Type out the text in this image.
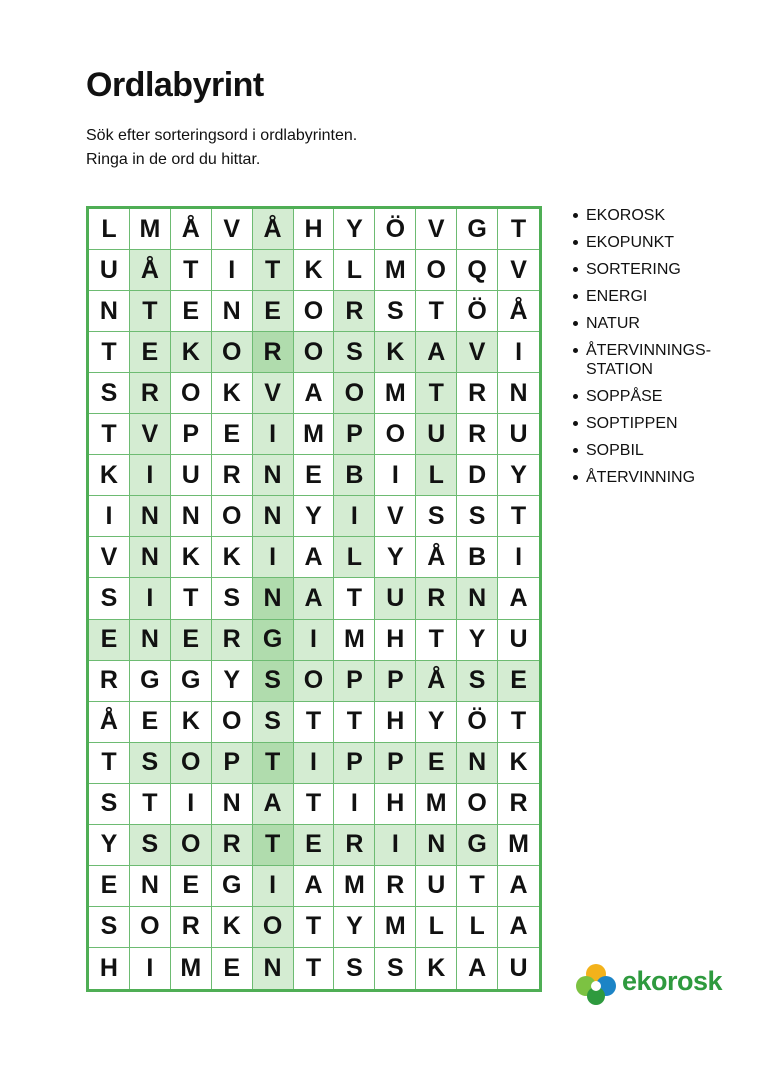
Ordlabyrint
Sök efter sorteringsord i ordlabyrinten.
Ringa in de ord du hittar.
L M Å V Å H Y Ö V G T
U Å T	I	T K L M O Q V
N T E N E O R S T Ö Å
T E K O R O S K A V	I
S R O K V A O M T R N
T V P E	I	M P O U R U
K	I	U R N E B	I	L D Y
I	N N O N Y	I	V S S	T
V N K K	I	A L Y Å B	I
S	I	T S N A T U R N A
E N E R G	I	M H T Y U
R G G Y S O P P Å S E
Å E K O S T	T H Y Ö T
T S O P T	I	P P E N K
S T	I	N A T	I	H M O R
Y S O R T E R	I	N G M
E N E G	I	A M R U T A
S O R K O T Y M L	L A
H	I	M E N T S S K A U
EKOROSK
EKOPUNKT
SORTERING
ENERGI
NATUR
ÅTERVINNINGS-
STATION
SOPPÅSE
SOPTIPPEN
SOPBIL
ÅTERVINNING
ekorosk
